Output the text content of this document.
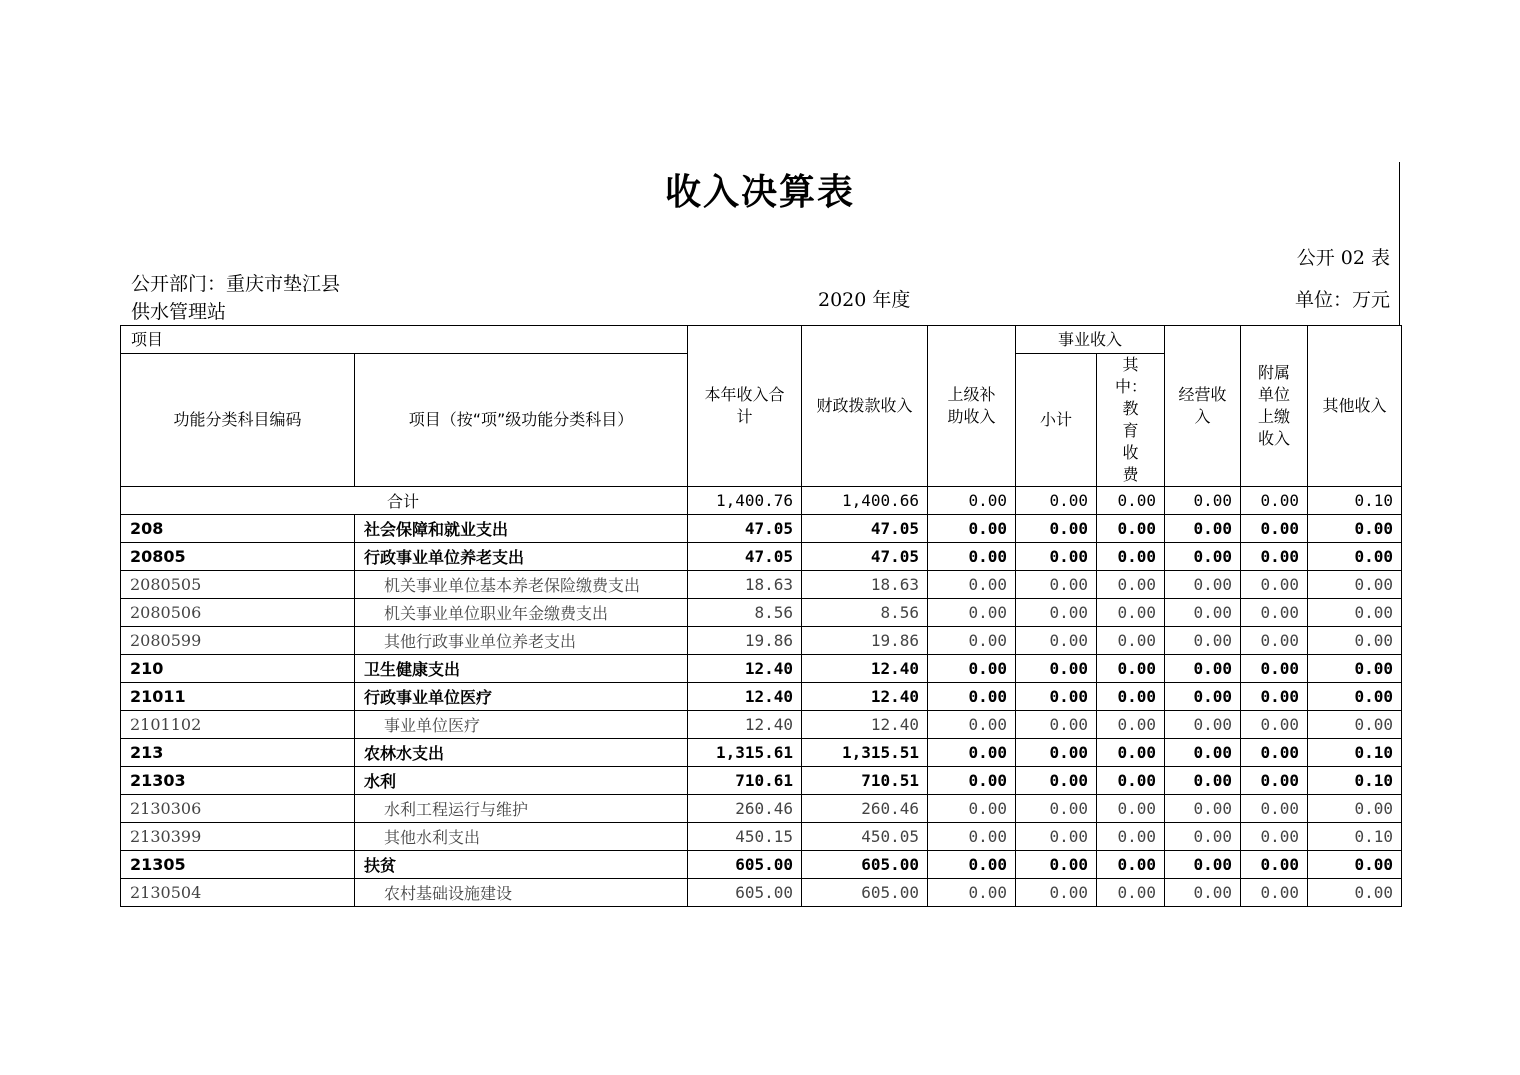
收入决算表
公开 02 表
公开部门：重庆市垫江县供水管理站
2020 年度	单位：万元
项目		本年收入合计	财政拨款收入	上级补助收入	事业收入		经营收入	附属单位上缴收入	其他收入
功能分类科目编码	项目（按“项”级功能分类科目）				小计	其中：教育收费			

合计		1,400.76	1,400.66	0.00	0.00	0.00	0.00	0.00	0.10
208	社会保障和就业支出	47.05	47.05	0.00	0.00	0.00	0.00	0.00	0.00
20805	行政事业单位养老支出	47.05	47.05	0.00	0.00	0.00	0.00	0.00	0.00
2080505	机关事业单位基本养老保险缴费支出	18.63	18.63	0.00	0.00	0.00	0.00	0.00	0.00
2080506	机关事业单位职业年金缴费支出	8.56	8.56	0.00	0.00	0.00	0.00	0.00	0.00
2080599	其他行政事业单位养老支出	19.86	19.86	0.00	0.00	0.00	0.00	0.00	0.00
210	卫生健康支出	12.40	12.40	0.00	0.00	0.00	0.00	0.00	0.00
21011	行政事业单位医疗	12.40	12.40	0.00	0.00	0.00	0.00	0.00	0.00
2101102	事业单位医疗	12.40	12.40	0.00	0.00	0.00	0.00	0.00	0.00
213	农林水支出	1,315.61	1,315.51	0.00	0.00	0.00	0.00	0.00	0.10
21303	水利	710.61	710.51	0.00	0.00	0.00	0.00	0.00	0.10
2130306	水利工程运行与维护	260.46	260.46	0.00	0.00	0.00	0.00	0.00	0.00
2130399	其他水利支出	450.15	450.05	0.00	0.00	0.00	0.00	0.00	0.10
21305	扶贫	605.00	605.00	0.00	0.00	0.00	0.00	0.00	0.00
2130504	农村基础设施建设	605.00	605.00	0.00	0.00	0.00	0.00	0.00	0.00
